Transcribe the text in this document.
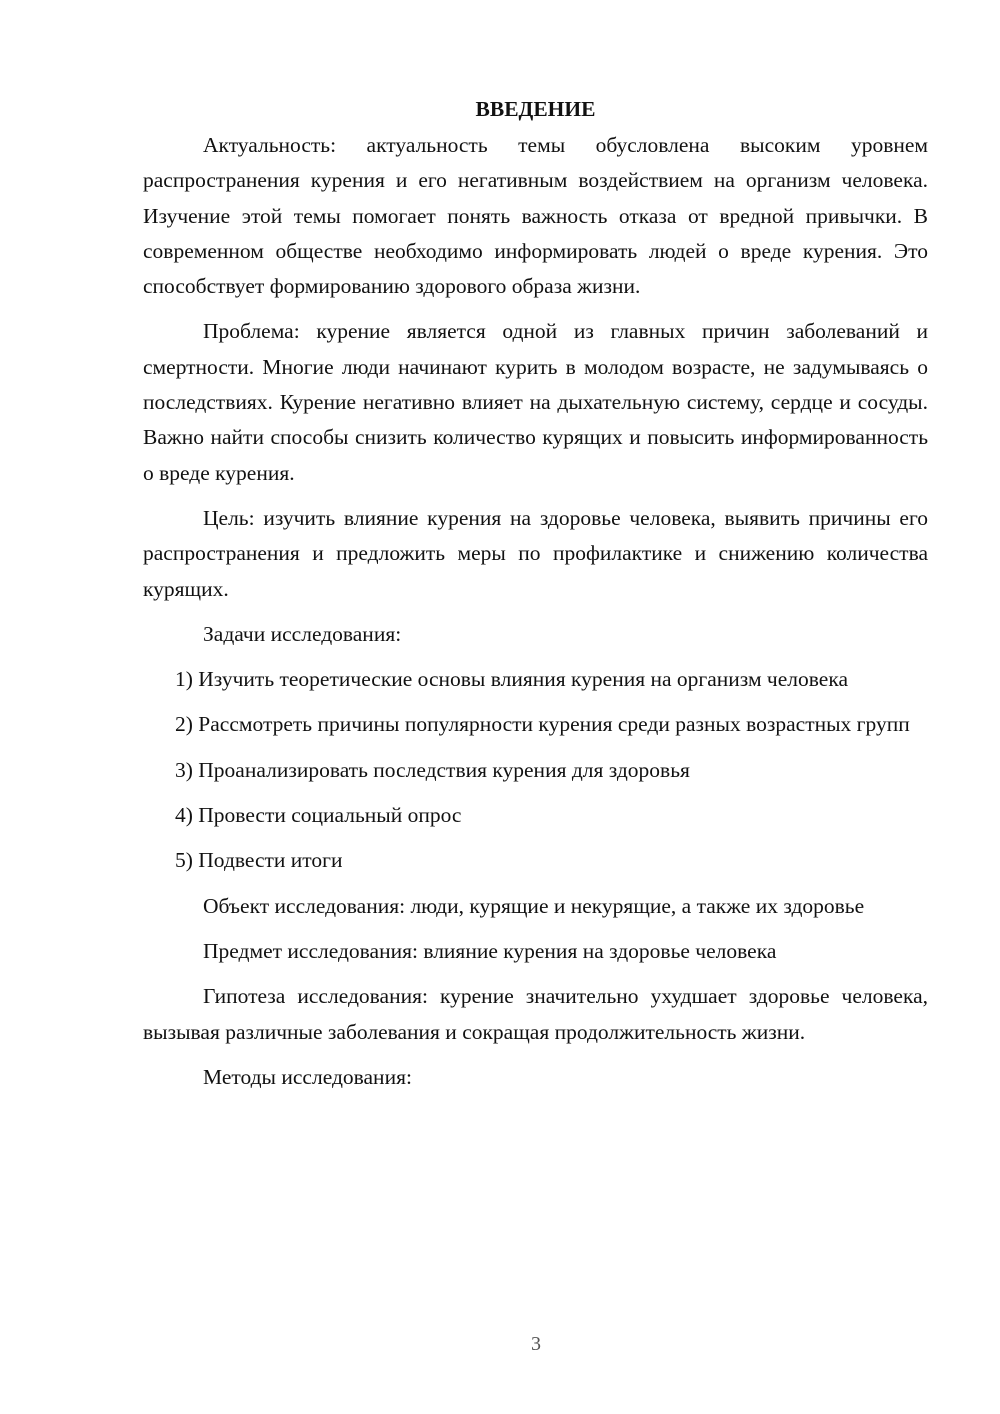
ВВЕДЕНИЕ

Актуальность: актуальность темы обусловлена высоким уровнем распространения курения и его негативным воздействием на организм человека. Изучение этой темы помогает понять важность отказа от вредной привычки. В современном обществе необходимо информировать людей о вреде курения. Это способствует формированию здорового образа жизни.

Проблема: курение является одной из главных причин заболеваний и смертности. Многие люди начинают курить в молодом возрасте, не задумываясь о последствиях. Курение негативно влияет на дыхательную систему, сердце и сосуды. Важно найти способы снизить количество курящих и повысить информированность о вреде курения.

Цель: изучить влияние курения на здоровье человека, выявить причины его распространения и предложить меры по профилактике и снижению количества курящих.

Задачи исследования:

1) Изучить теоретические основы влияния курения на организм человека

2) Рассмотреть причины популярности курения среди разных возрастных групп

3) Проанализировать последствия курения для здоровья

4) Провести социальный опрос

5) Подвести итоги

Объект исследования: люди, курящие и некурящие, а также их здоровье

Предмет исследования: влияние курения на здоровье человека

Гипотеза исследования: курение значительно ухудшает здоровье человека, вызывая различные заболевания и сокращая продолжительность жизни.

Методы исследования:

3
